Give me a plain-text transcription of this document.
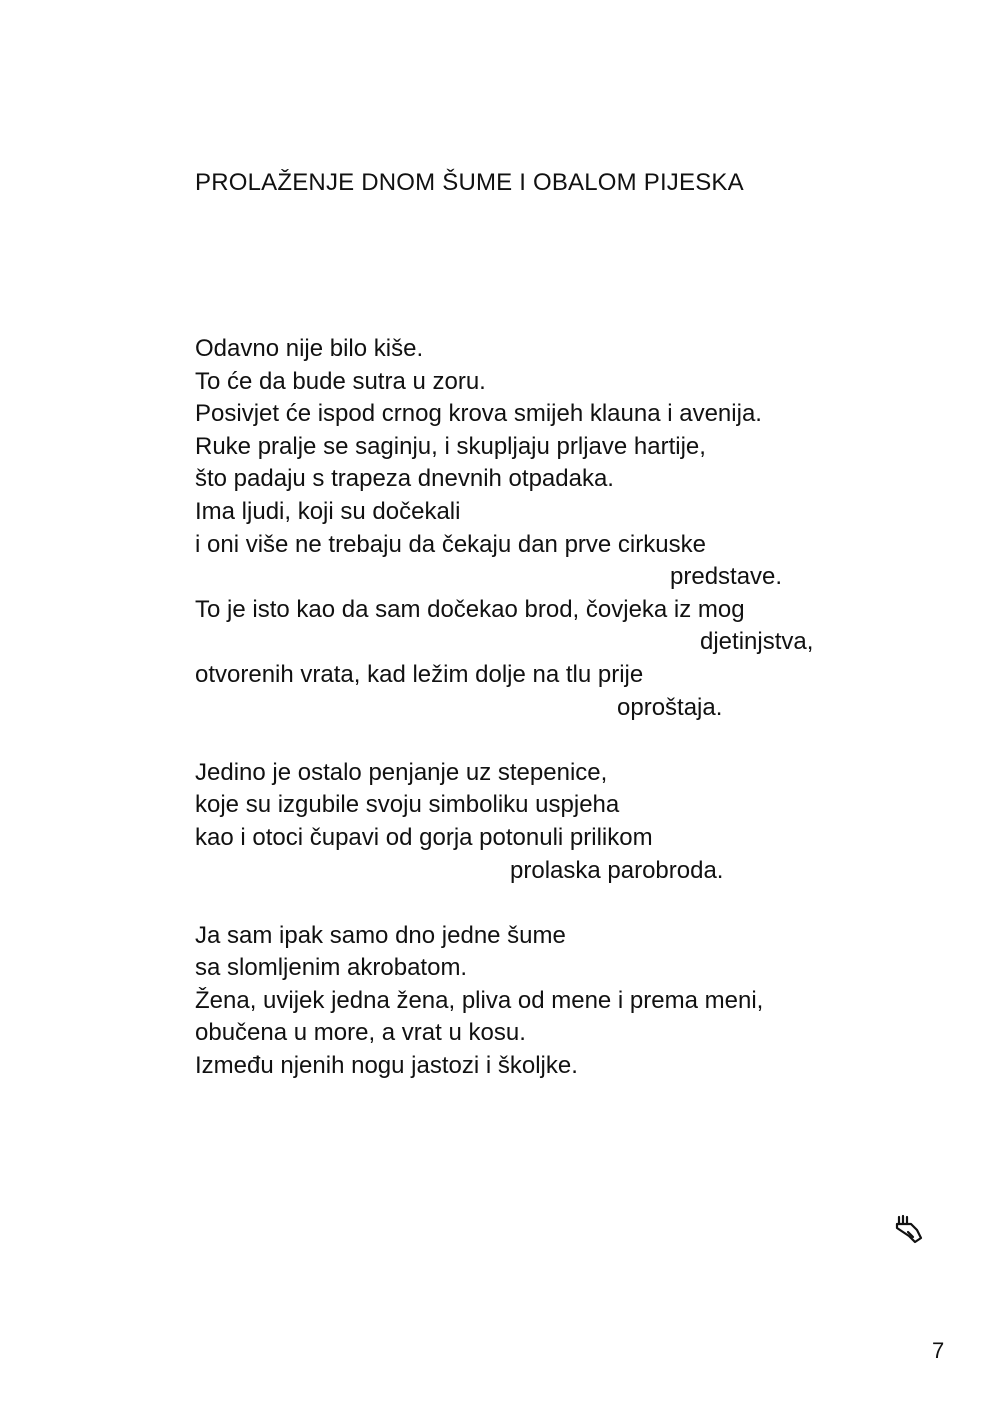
PROLAŽENJE DNOM ŠUME I OBALOM PIJESKA
Odavno nije bilo kiše.
To će da bude sutra u zoru.
Posivjet će ispod crnog krova smijeh klauna i avenija.
Ruke pralje se saginju, i skupljaju prljave hartije,
što padaju s trapeza dnevnih otpadaka.
Ima ljudi, koji su dočekali
i oni više ne trebaju da čekaju dan prve cirkuske
predstave.
To je isto kao da sam dočekao brod, čovjeka iz mog
djetinjstva,
otvorenih vrata, kad ležim dolje na tlu prije
oproštaja.
Jedino je ostalo penjanje uz stepenice,
koje su izgubile svoju simboliku uspjeha
kao i otoci čupavi od gorja potonuli prilikom
prolaska parobroda.
Ja sam ipak samo dno jedne šume
sa slomljenim akrobatom.
Žena, uvijek jedna žena, pliva od mene i prema meni,
obučena u more, a vrat u kosu.
Između njenih nogu jastozi i školjke.
7
